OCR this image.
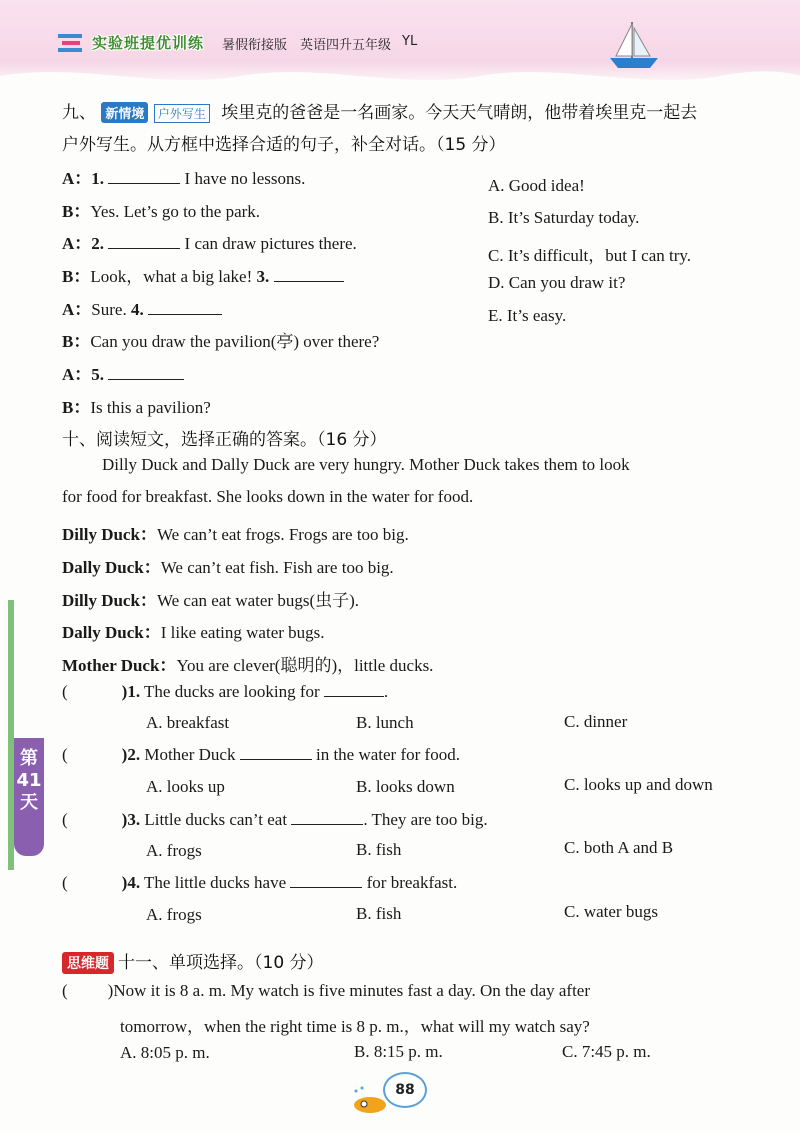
实验班提优训练 暑假衔接版 英语四升五年级 YL
九、 新情境 户外写生 埃里克的爸爸是一名画家。今天天气晴朗，他带着埃里克一起去
户外写生。从方框中选择合适的句子，补全对话。（15 分）
A：1.	I have no lessons.
B：Yes. Let’s go to the park.
A：2.	I can draw pictures there.
B：Look，what a big lake! 3.
A：Sure. 4.
B：Can you draw the pavilion(亭) over there?
A：5.
B：Is this a pavilion?
A. Good idea!
B. It’s Saturday today.
C. It’s difficult，but I can try.
D. Can you draw it?
E. It’s easy.
十、阅读短文，选择正确的答案。（16 分）
Dilly Duck and Dally Duck are very hungry. Mother Duck takes them to look
for food for breakfast. She looks down in the water for food.
Dilly Duck：We can’t eat frogs. Frogs are too big.
Dally Duck：We can’t eat fish. Fish are too big.
Dilly Duck：We can eat water bugs(虫子).
Dally Duck：I like eating water bugs.
Mother Duck：You are clever(聪明的)，little ducks.
(	)1. The ducks are looking for	.
A. breakfast	B. lunch	C. dinner
(	)2. Mother Duck	in the water for food.
A. looks up	B. looks down	C. looks up and down
(	)3. Little ducks can’t eat	. They are too big.
A. frogs	B. fish	C. both A and B
(	)4. The little ducks have	for breakfast.
A. frogs	B. fish	C. water bugs
思维题 十一、单项选择。（10 分）
( )Now it is 8 a. m. My watch is five minutes fast a day. On the day after
tomorrow，when the right time is 8 p. m.，what will my watch say?
A. 8:05 p. m.	B. 8:15 p. m.	C. 7:45 p. m.
第
41
天
88
